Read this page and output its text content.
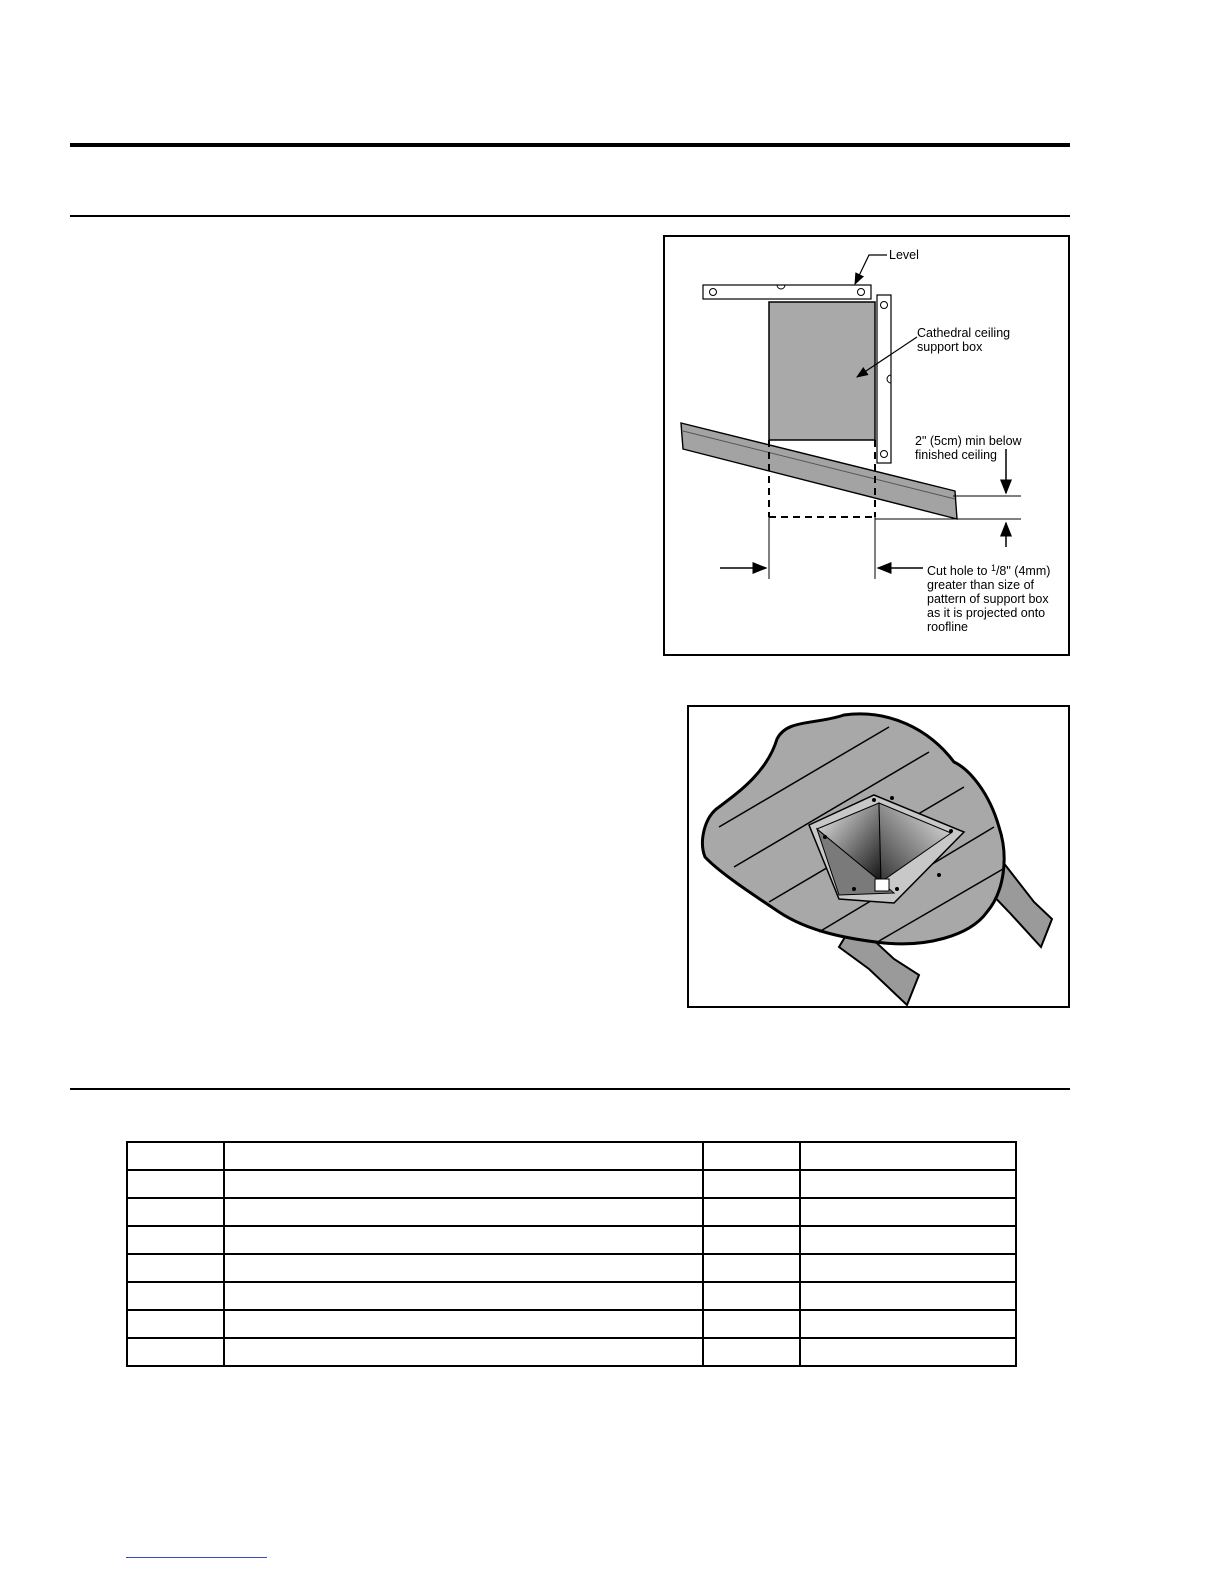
Level
Cathedral ceiling
support box
2" (5cm) min below
finished ceiling
Cut hole to $^1$/8" (4mm)
greater than size of
pattern of support box
as it is projected onto
roofline
